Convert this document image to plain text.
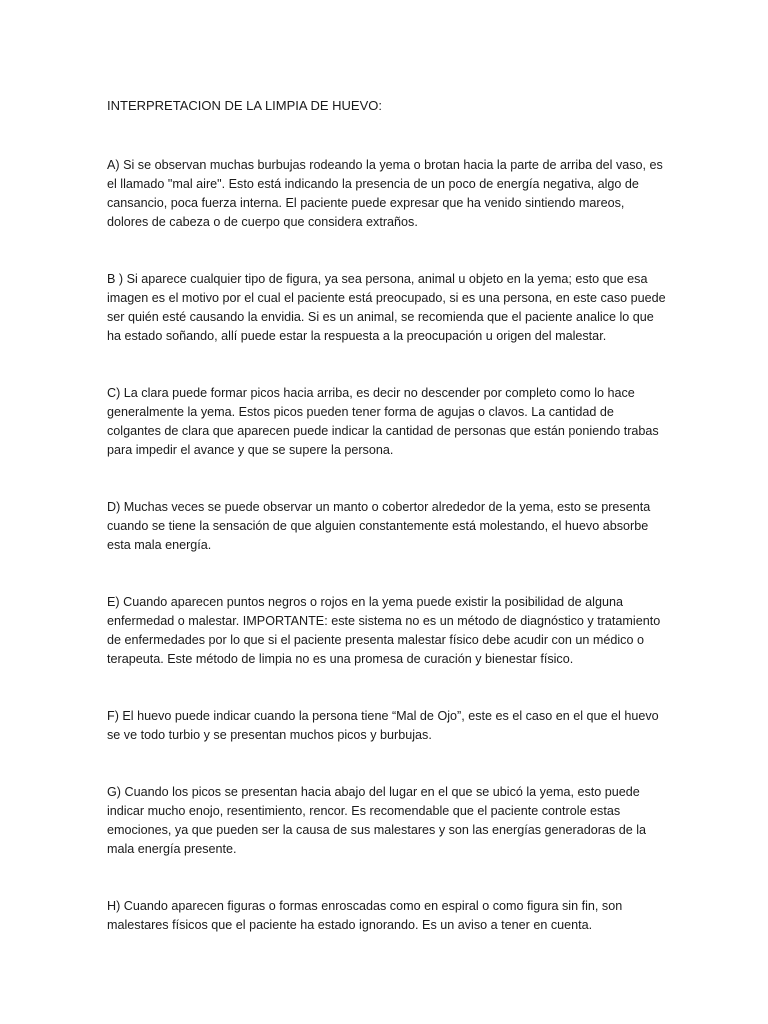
INTERPRETACION DE LA LIMPIA DE HUEVO:

A) Si se observan muchas burbujas rodeando la yema o brotan hacia la parte de arriba del vaso, es el llamado "mal aire". Esto está indicando la presencia de un poco de energía negativa, algo de cansancio, poca fuerza interna. El paciente puede expresar que ha venido sintiendo mareos, dolores de cabeza o de cuerpo que considera extraños.

B ) Si aparece cualquier tipo de figura, ya sea persona, animal u objeto en la yema; esto que esa imagen es el motivo por el cual el paciente está preocupado, si es una persona, en este caso puede ser quién esté causando la envidia. Si es un animal, se recomienda que el paciente analice lo que ha estado soñando, allí puede estar la respuesta a la preocupación u origen del malestar.

C) La clara puede formar picos hacia arriba, es decir no descender por completo como lo hace generalmente la yema. Estos picos pueden tener forma de agujas o clavos. La cantidad de colgantes de clara que aparecen puede indicar la cantidad de personas que están poniendo trabas para impedir el avance y que se supere la persona.

D) Muchas veces se puede observar un manto o cobertor alrededor de la yema, esto se presenta cuando se tiene la sensación de que alguien constantemente está molestando, el huevo absorbe esta mala energía.

E) Cuando aparecen puntos negros o rojos en la yema puede existir la posibilidad de alguna enfermedad o malestar. IMPORTANTE: este sistema no es un método de diagnóstico y tratamiento de enfermedades por lo que si el paciente presenta malestar físico debe acudir con un médico o terapeuta. Este método de limpia no es una promesa de curación y bienestar físico.

F) El huevo puede indicar cuando la persona tiene “Mal de Ojo”, este es el caso en el que el huevo se ve todo turbio y se presentan muchos picos y burbujas.

G) Cuando los picos se presentan hacia abajo del lugar en el que se ubicó la yema, esto puede indicar mucho enojo, resentimiento, rencor. Es recomendable que el paciente controle estas emociones, ya que pueden ser la causa de sus malestares y son las energías generadoras de la mala energía presente.

H) Cuando aparecen figuras o formas enroscadas como en espiral o como figura sin fin, son malestares físicos que el paciente ha estado ignorando. Es un aviso a tener en cuenta.
